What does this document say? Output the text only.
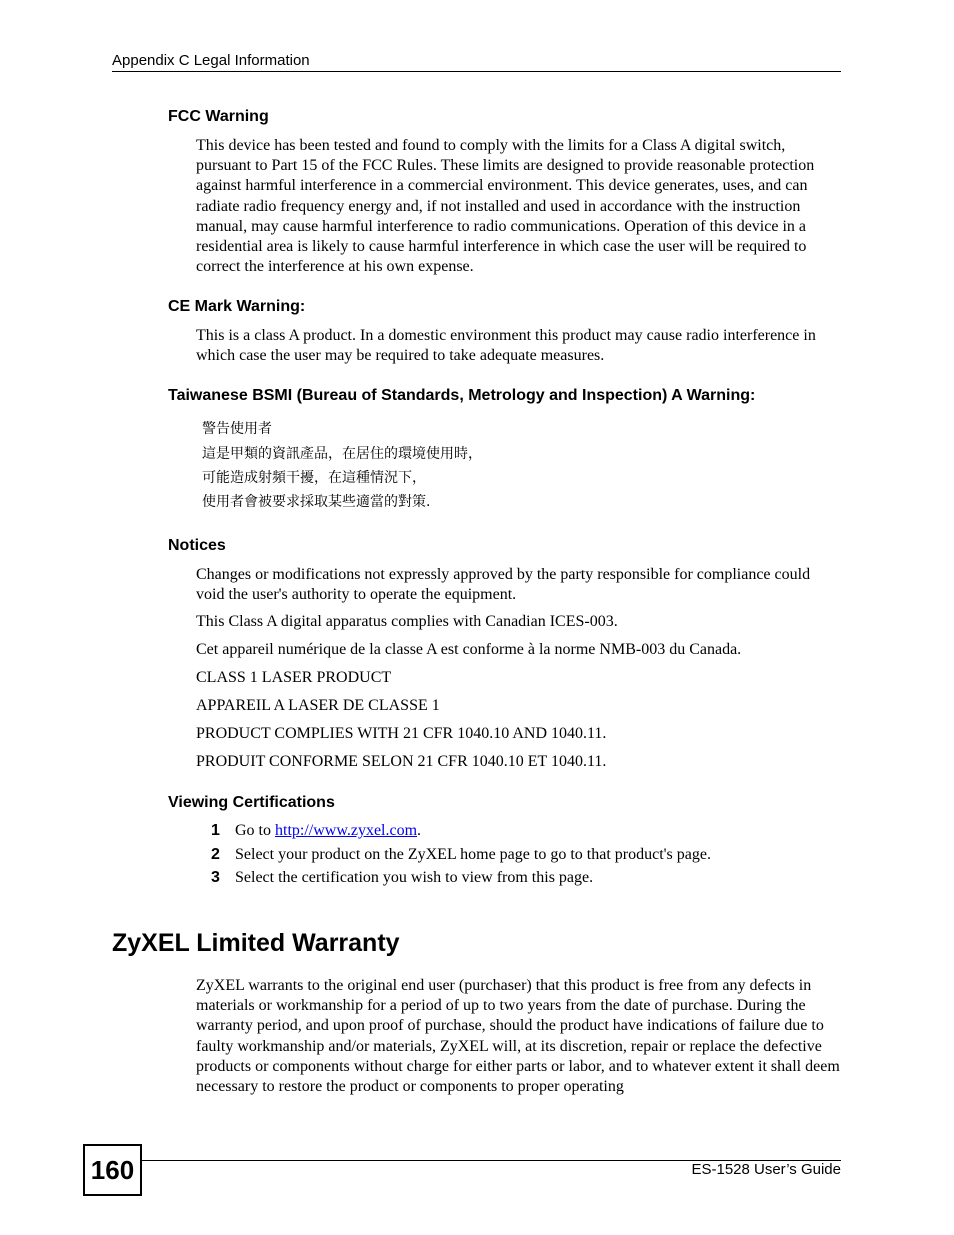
Appendix C Legal Information
FCC Warning
This device has been tested and found to comply with the limits for a Class A digital switch, pursuant to Part 15 of the FCC Rules. These limits are designed to provide reasonable protection against harmful interference in a commercial environment. This device generates, uses, and can radiate radio frequency energy and, if not installed and used in accordance with the instruction manual, may cause harmful interference to radio communications. Operation of this device in a residential area is likely to cause harmful interference in which case the user will be required to correct the interference at his own expense.
CE Mark Warning:
This is a class A product. In a domestic environment this product may cause radio interference in which case the user may be required to take adequate measures.
Taiwanese BSMI (Bureau of Standards, Metrology and Inspection) A Warning:
警告使用者
這是甲類的資訊產品，在居住的環境使用時，
可能造成射頻干擾，在這種情況下，
使用者會被要求採取某些適當的對策.
Notices
Changes or modifications not expressly approved by the party responsible for compliance could void the user's authority to operate the equipment.
This Class A digital apparatus complies with Canadian ICES-003.
Cet appareil numérique de la classe A est conforme à la norme NMB-003 du Canada.
CLASS 1 LASER PRODUCT
APPAREIL A LASER DE CLASSE 1
PRODUCT COMPLIES WITH 21 CFR 1040.10 AND 1040.11.
PRODUIT CONFORME SELON 21 CFR 1040.10 ET 1040.11.
Viewing Certifications
1 Go to http://www.zyxel.com.
2 Select your product on the ZyXEL home page to go to that product's page.
3 Select the certification you wish to view from this page.
ZyXEL Limited Warranty
ZyXEL warrants to the original end user (purchaser) that this product is free from any defects in materials or workmanship for a period of up to two years from the date of purchase. During the warranty period, and upon proof of purchase, should the product have indications of failure due to faulty workmanship and/or materials, ZyXEL will, at its discretion, repair or replace the defective products or components without charge for either parts or labor, and to whatever extent it shall deem necessary to restore the product or components to proper operating
160	ES-1528 User’s Guide
